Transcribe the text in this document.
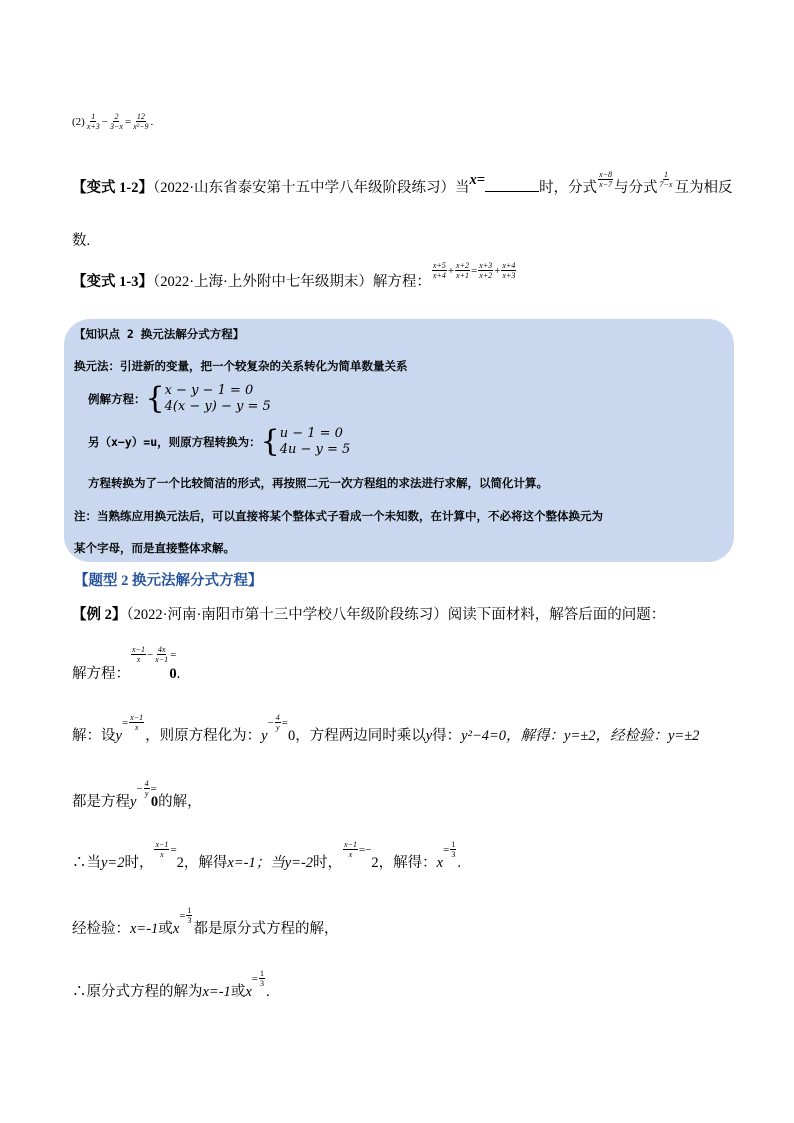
$(2) \frac{1}{x+3} - \frac{2}{3-x} = \frac{12}{\text{x²−9}}$ .
【变式 1-2】（2022·山东省泰安第十五中学八年级阶段练习）当x=	时，分式 $\frac{x-8}{x-7}$ 与分式 $\frac{1}{7-x}$ 互为相反
数.
【变式 1-3】（2022·上海·上外附中七年级期末）解方程：
$\frac{x+5}{x+4} + \frac{x+2}{x+1} = \frac{x+3}{x+2} + \frac{x+4}{x+3}$
【知识点 2 换元法解分式方程】
换元法：引进新的变量，把一个较复杂的关系转化为简单数量关系
例解方程：{ x − y − 1 = 0
4(x − y) − y = 5
另（x−y）=u，则原方程转换为：{ u − 1 = 0
4u − y = 5
方程转换为了一个比较简洁的形式，再按照二元一次方程组的求法进行求解，以简化计算。
注：当熟练应用换元法后，可以直接将某个整体式子看成一个未知数，在计算中，不必将这个整体换元为
某个字母，而是直接整体求解。
【题型 2 换元法解分式方程】
【例 2】（2022·河南·南阳市第十三中学校八年级阶段练习）阅读下面材料，解答后面的问题：
解方程：
$\frac{x-1}{x} - \frac{4x}{x-1} =0$.
解：设$y= \frac{x-1}{x}$
，则原方程化为：$y- \frac{4}{y} =0$，方程两边同时乘以y得：y²−4=0，解得：y=±2，经检验：y=±2
都是方程$y- \frac{4}{y} =0$的解，
∴当y=2时，
$\frac{x-1}{x} =2$，解得x=-1；当y=-2时，
$\frac{x-1}{x} =-2$，解得：$x= \frac{1}{3}$
.
经检验：x=-1或$x= \frac{1}{3}$
都是原分式方程的解，
∴原分式方程的解为x=-1或$x= \frac{1}{3}$
.
